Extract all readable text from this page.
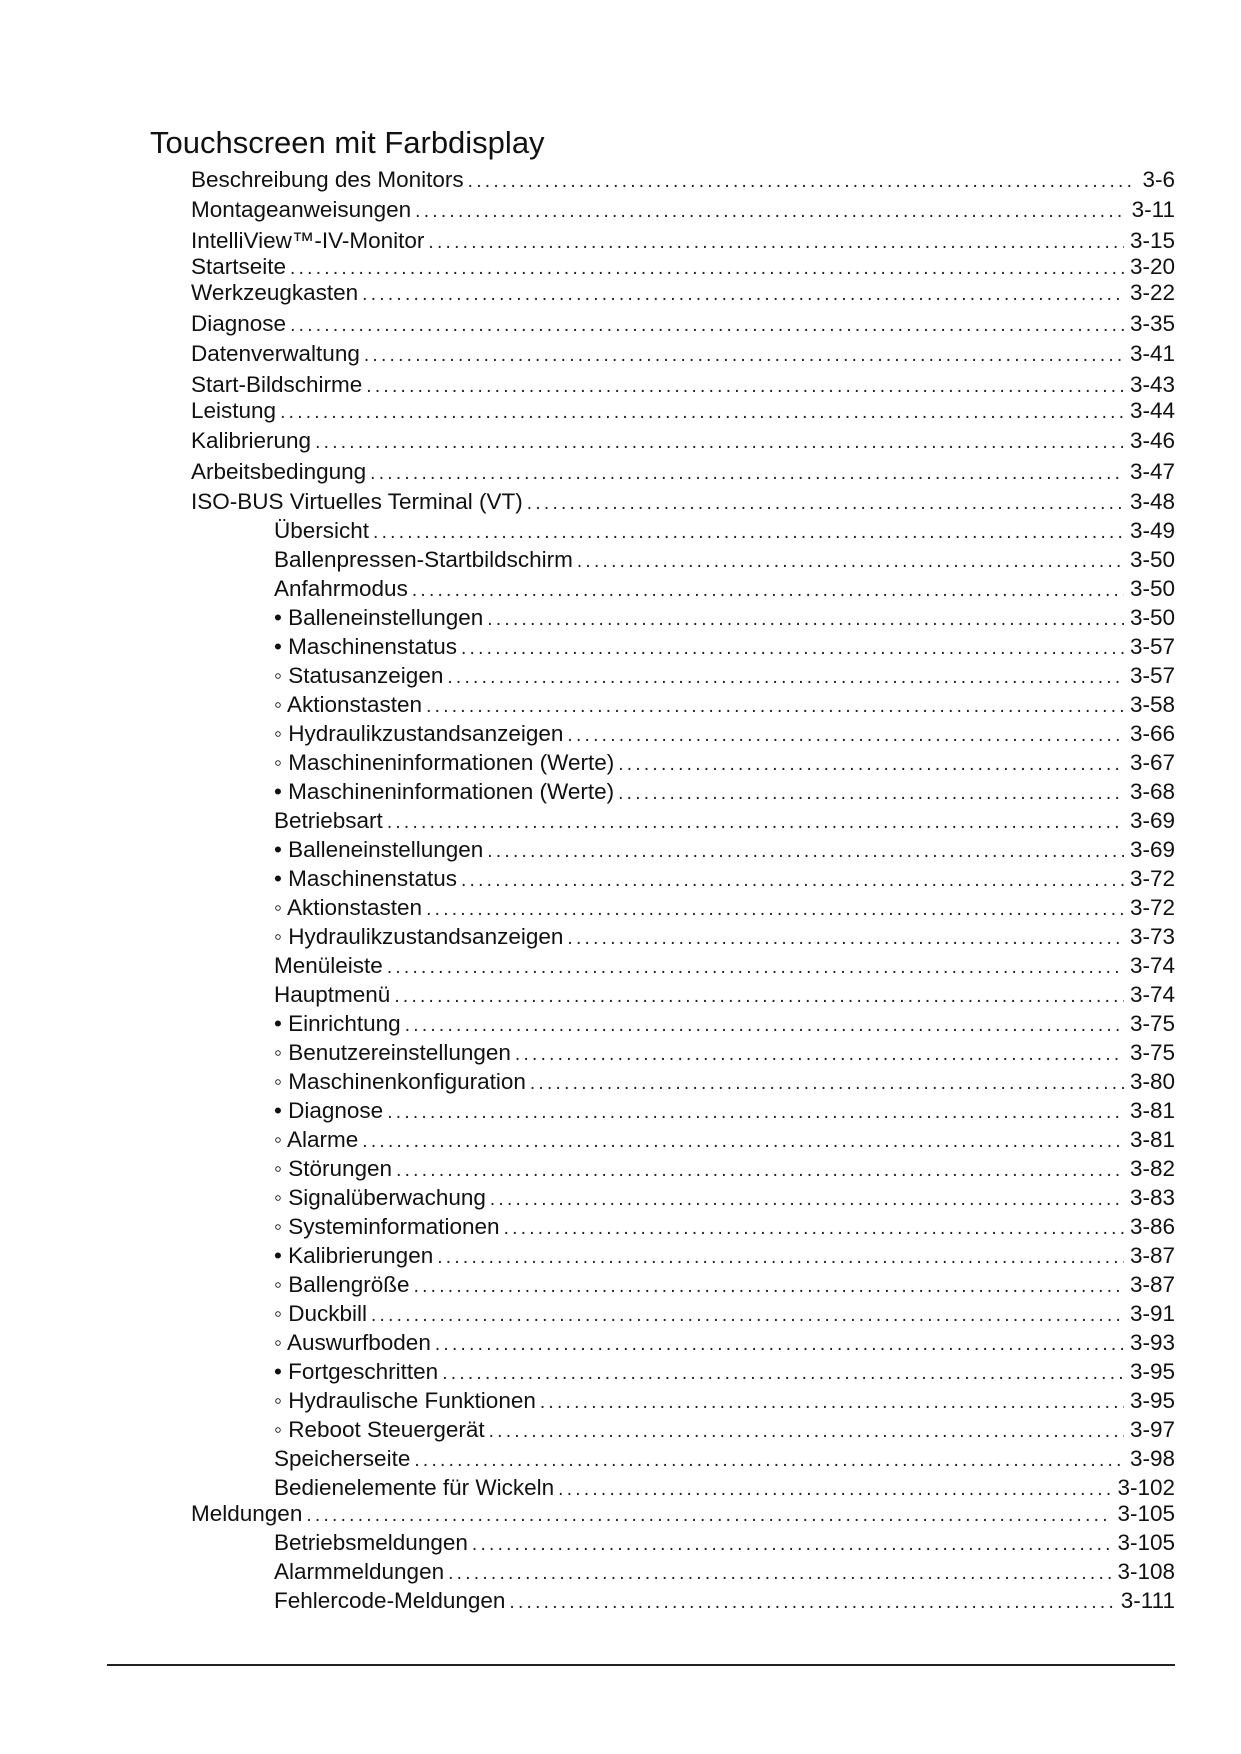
Touchscreen mit Farbdisplay
Beschreibung des Monitors . . .	3-6
Montageanweisungen . . .	3-11
IntelliView™-IV-Monitor . . .	3-15
Startseite . . .	3-20
Werkzeugkasten . . .	3-22
Diagnose . . .	3-35
Datenverwaltung . . .	3-41
Start-Bildschirme . . .	3-43
Leistung . . .	3-44
Kalibrierung . . .	3-46
Arbeitsbedingung . . .	3-47
ISO-BUS Virtuelles Terminal (VT) . . .	3-48
Übersicht . . .	3-49
Ballenpressen-Startbildschirm . . .	3-50
Anfahrmodus . . .	3-50
• Balleneinstellungen . . .	3-50
• Maschinenstatus . . .	3-57
◦ Statusanzeigen . . .	3-57
◦ Aktionstasten . . .	3-58
◦ Hydraulikzustandsanzeigen . . .	3-66
◦ Maschineninformationen (Werte) . . .	3-67
• Maschineninformationen (Werte) . . .	3-68
Betriebsart . . .	3-69
• Balleneinstellungen . . .	3-69
• Maschinenstatus . . .	3-72
◦ Aktionstasten . . .	3-72
◦ Hydraulikzustandsanzeigen . . .	3-73
Menüleiste . . .	3-74
Hauptmenü . . .	3-74
• Einrichtung . . .	3-75
◦ Benutzereinstellungen . . .	3-75
◦ Maschinenkonfiguration . . .	3-80
• Diagnose . . .	3-81
◦ Alarme . . .	3-81
◦ Störungen . . .	3-82
◦ Signalüberwachung . . .	3-83
◦ Systeminformationen . . .	3-86
• Kalibrierungen . . .	3-87
◦ Ballengröße . . .	3-87
◦ Duckbill . . .	3-91
◦ Auswurfboden . . .	3-93
• Fortgeschritten . . .	3-95
◦ Hydraulische Funktionen . . .	3-95
◦ Reboot Steuergerät . . .	3-97
Speicherseite . . .	3-98
Bedienelemente für Wickeln . . .	3-102
Meldungen . . .	3-105
Betriebsmeldungen . . .	3-105
Alarmmeldungen . . .	3-108
Fehlercode-Meldungen . . .	3-111
